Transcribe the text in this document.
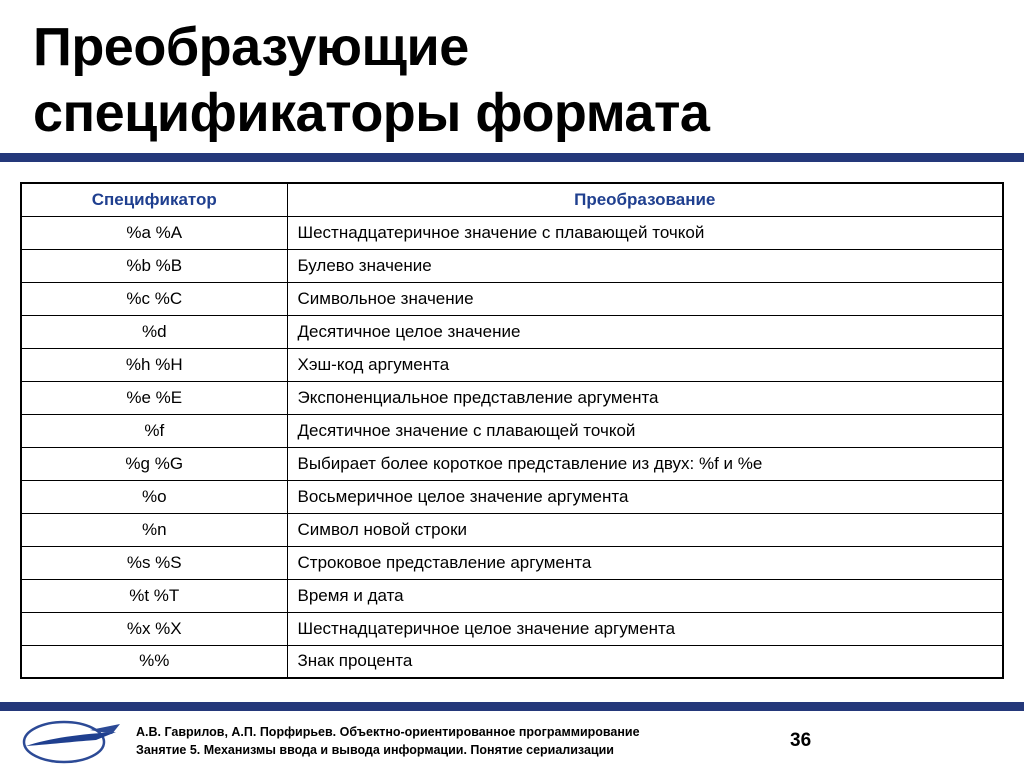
Преобразующие
спецификаторы формата
Спецификатор	Преобразование
%a %A	Шестнадцатеричное значение с плавающей точкой
%b %B	Булево значение
%c %C	Символьное значение
%d	Десятичное целое значение
%h %H	Хэш-код аргумента
%e %E	Экспоненциальное представление аргумента
%f	Десятичное значение с плавающей точкой
%g %G	Выбирает более короткое представление из двух: %f и %e
%o	Восьмеричное целое значение аргумента
%n	Символ новой строки
%s %S	Строковое представление аргумента
%t %T	Время и дата
%x %X	Шестнадцатеричное целое значение аргумента
%%	Знак процента
А.В. Гаврилов, А.П. Порфирьев. Объектно-ориентированное программирование
Занятие 5. Механизмы ввода и вывода информации. Понятие сериализации	36
